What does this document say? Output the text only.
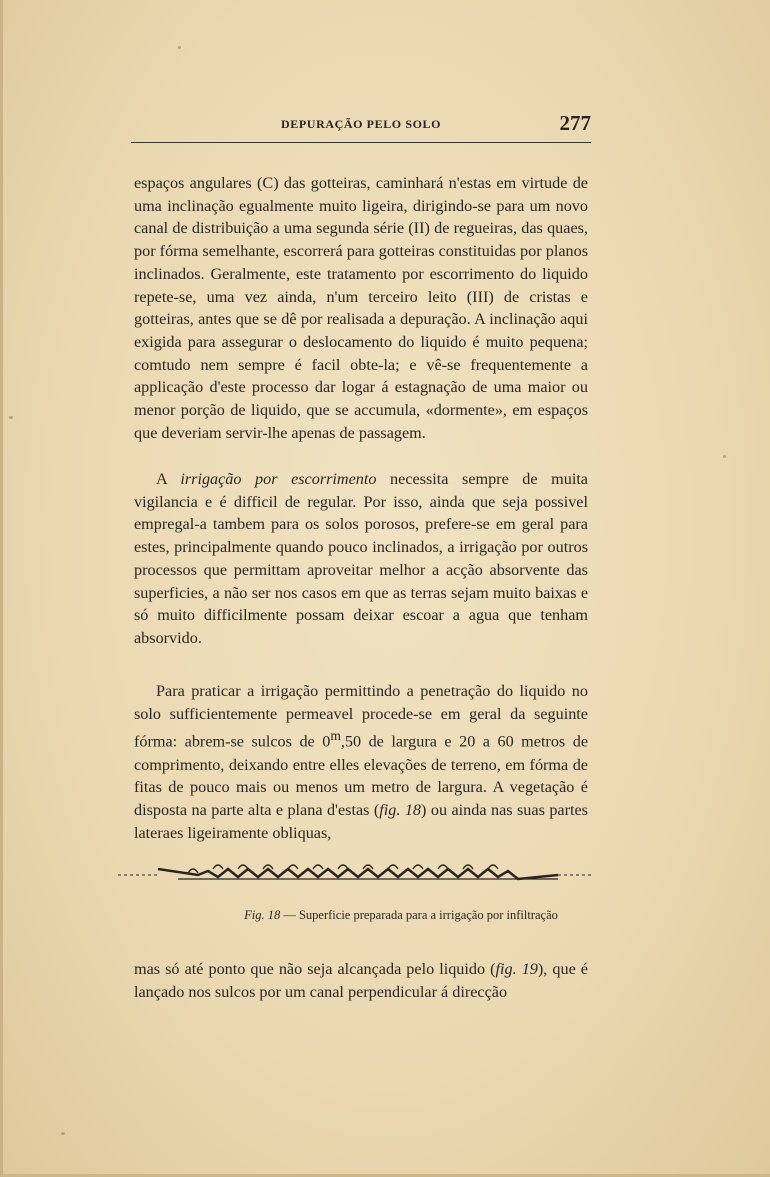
DEPURAÇÃO PELO SOLO	277

espaços angulares (C) das gotteiras, caminhará n'estas em virtude de uma inclinação egualmente muito ligeira, dirigindo-se para um novo canal de distribuição a uma segunda série (II) de regueiras, das quaes, por fórma semelhante, escorrerá para gotteiras constituidas por planos inclinados. Geralmente, este tratamento por escorrimento do liquido repete-se, uma vez ainda, n'um terceiro leito (III) de cristas e gotteiras, antes que se dê por realisada a depuração. A inclinação aqui exigida para assegurar o deslocamento do liquido é muito pequena; comtudo nem sempre é facil obte-la; e vê-se frequentemente a applicação d'este processo dar logar á estagnação de uma maior ou menor porção de liquido, que se accumula, «dormente», em espaços que deveriam servir-lhe apenas de passagem.

A irrigação por escorrimento necessita sempre de muita vigilancia e é difficil de regular. Por isso, ainda que seja possivel empregal-a tambem para os solos porosos, prefere-se em geral para estes, principalmente quando pouco inclinados, a irrigação por outros processos que permittam aproveitar melhor a acção absorvente das superficies, a não ser nos casos em que as terras sejam muito baixas e só muito difficilmente possam deixar escoar a agua que tenham absorvido.

Para praticar a irrigação permittindo a penetração do liquido no solo sufficientemente permeavel procede-se em geral da seguinte fórma: abrem-se sulcos de 0$^m$,50 de largura e 20 a 60 metros de comprimento, deixando entre elles elevações de terreno, em fórma de fitas de pouco mais ou menos um metro de largura. A vegetação é disposta na parte alta e plana d'estas (fig. 18) ou ainda nas suas partes lateraes ligeiramente obliquas,

Fig. 18 — Superficie preparada para a irrigação por infiltração

mas só até ponto que não seja alcançada pelo liquido (fig. 19), que é lançado nos sulcos por um canal perpendicular á direcção
